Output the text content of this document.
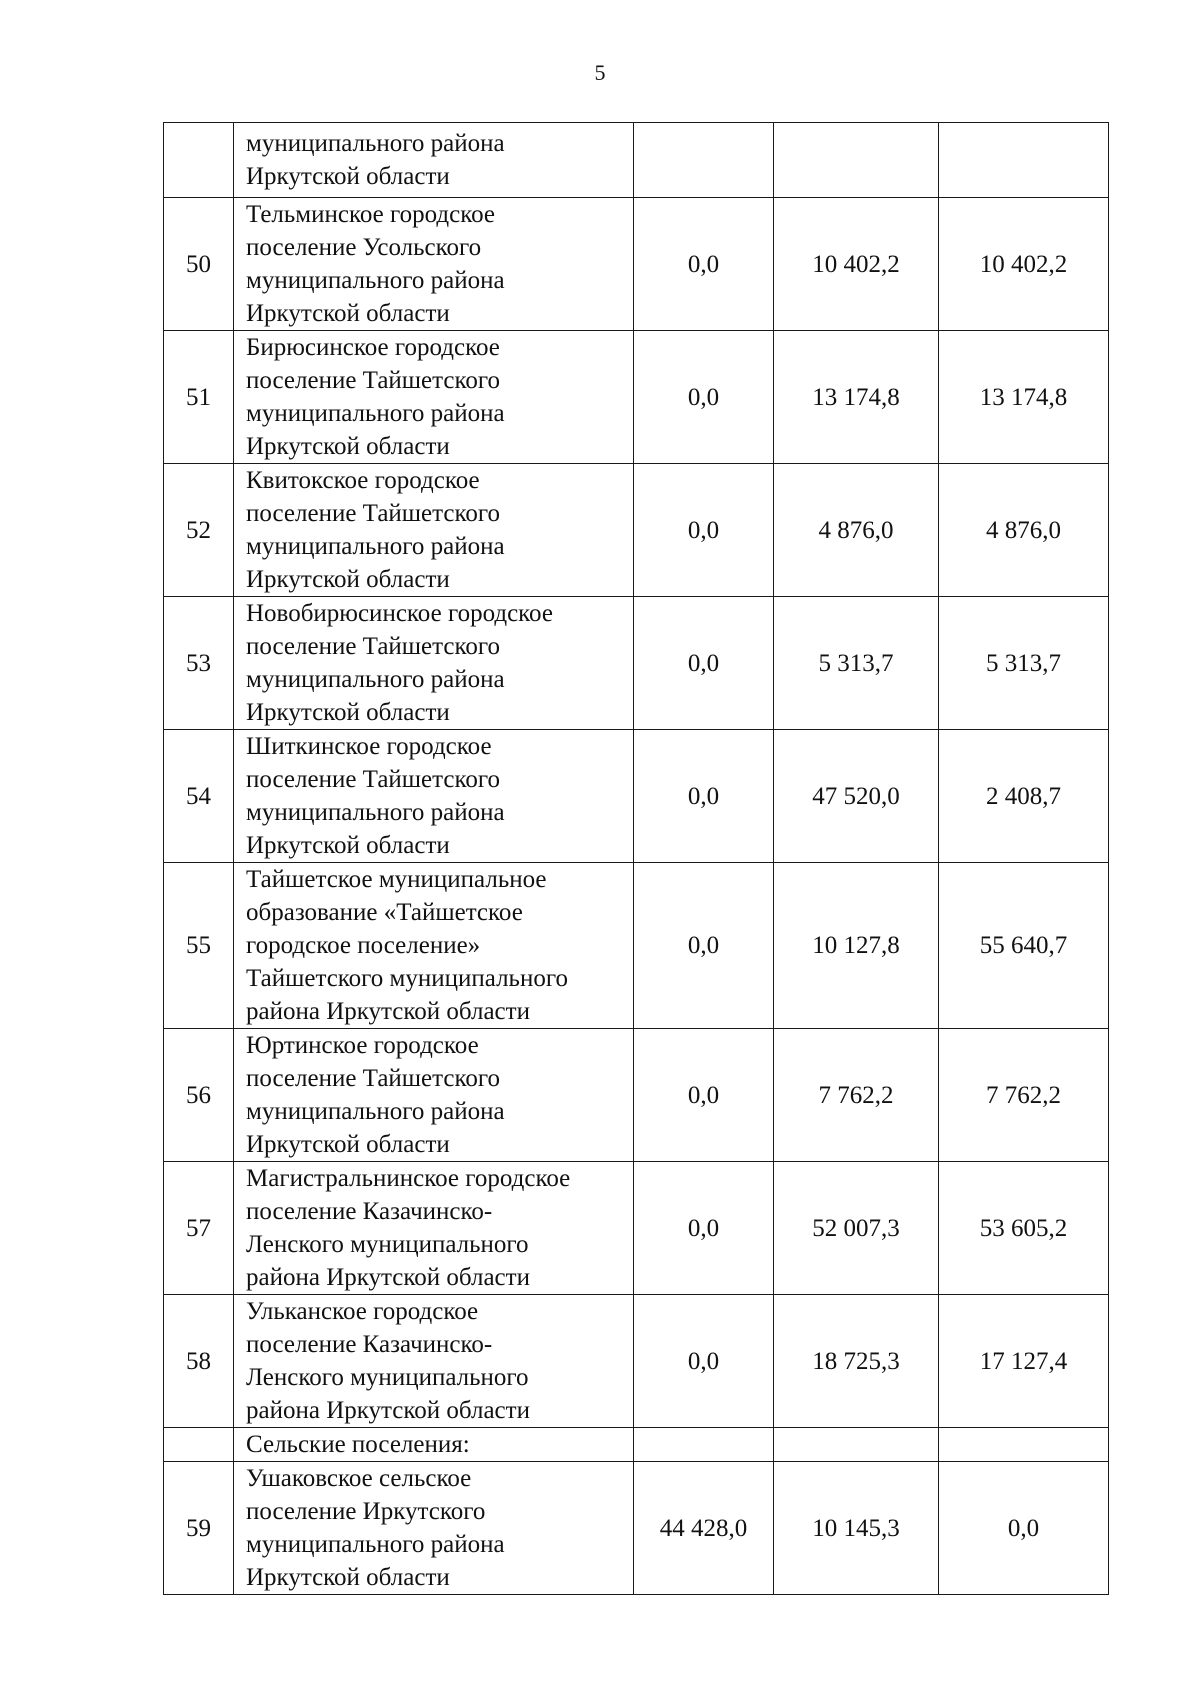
5

	муниципального района
Иркутской области			

50	Тельминское городское
поселение Усольского
муниципального района
Иркутской области	0,0	10 402,2	10 402,2
51	Бирюсинское городское
поселение Тайшетского
муниципального района
Иркутской области	0,0	13 174,8	13 174,8
52	Квитокское городское
поселение Тайшетского
муниципального района
Иркутской области	0,0	4 876,0	4 876,0
53	Новобирюсинское городское
поселение Тайшетского
муниципального района
Иркутской области	0,0	5 313,7	5 313,7
54	Шиткинское городское
поселение Тайшетского
муниципального района
Иркутской области	0,0	47 520,0	2 408,7
55	Тайшетское муниципальное
образование «Тайшетское
городское поселение»
Тайшетского муниципального
района Иркутской области	0,0	10 127,8	55 640,7
56	Юртинское городское
поселение Тайшетского
муниципального района
Иркутской области	0,0	7 762,2	7 762,2
57	Магистральнинское городское
поселение Казачинско-
Ленского муниципального
района Иркутской области	0,0	52 007,3	53 605,2
58	Ульканское городское
поселение Казачинско-
Ленского муниципального
района Иркутской области	0,0	18 725,3	17 127,4

	Сельские поселения:			

59	Ушаковское сельское
поселение Иркутского
муниципального района
Иркутской области	44 428,0	10 145,3	0,0
